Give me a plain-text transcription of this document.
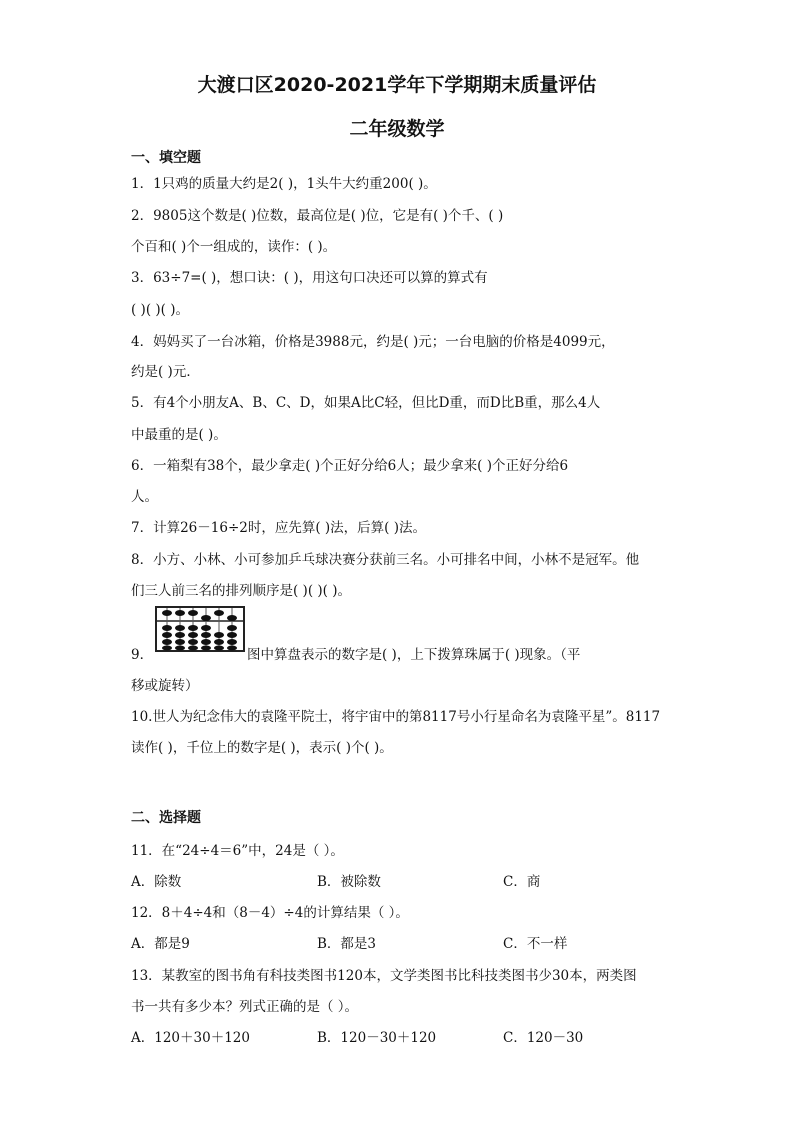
大渡口区2020-2021学年下学期期末质量评估
二年级数学
一、填空题
1．1只鸡的质量大约是2( )，1头牛大约重200( )。
2．9805这个数是( )位数，最高位是( )位，它是有( )个千、( )
个百和( )个一组成的，读作：( )。
3．63÷7=( )，想口诀：( )，用这句口决还可以算的算式有
( )( )( )。
4．妈妈买了一台冰箱，价格是3988元，约是( )元；一台电脑的价格是4099元，
约是( )元．
5．有4个小朋友A、B、C、D，如果A比C轻，但比D重，而D比B重，那么4人
中最重的是( )。
6．一箱梨有38个，最少拿走( )个正好分给6人；最少拿来( )个正好分给6
人。
7．计算26－16÷2时，应先算( )法，后算( )法。
8．小方、小林、小可参加乒乓球决赛分获前三名。小可排名中间，小林不是冠军。他
们三人前三名的排列顺序是( )( )( )。
9．	图中算盘表示的数字是( )，上下拨算珠属于( )现象。（平
移或旋转）
10.世人为纪念伟大的袁隆平院士，将宇宙中的第8117号小行星命名为袁隆平星”。8117
读作( )，千位上的数字是( )，表示( )个( )。
二、选择题
11．在“24÷4＝6”中，24是（ ）。
A．除数	B．被除数	C．商
12．8＋4÷4和（8－4）÷4的计算结果（ ）。
A．都是9	B．都是3	C．不一样
13．某教室的图书角有科技类图书120本，文学类图书比科技类图书少30本，两类图
书一共有多少本？列式正确的是（ ）。
A．120＋30＋120	B．120－30＋120	C．120－30
